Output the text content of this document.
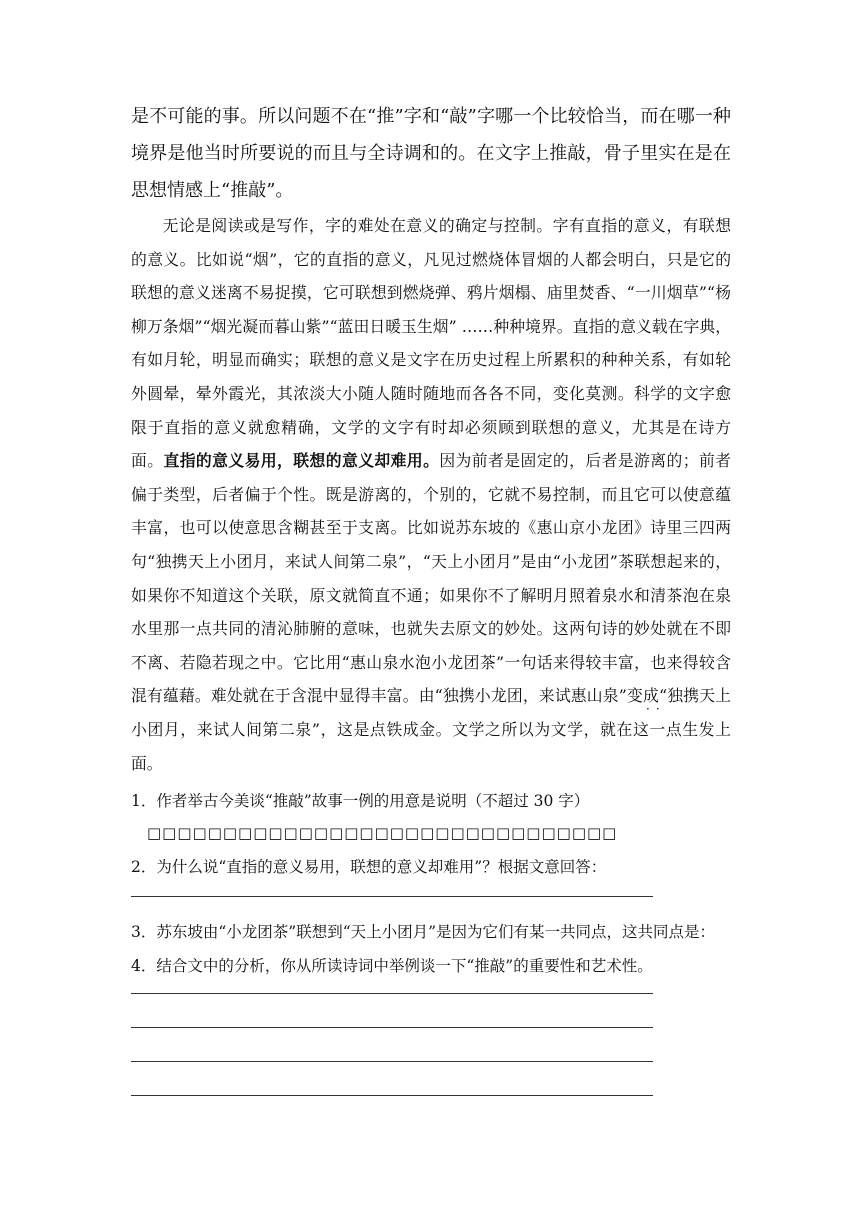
是不可能的事。所以问题不在“推”字和“敲”字哪一个比较恰当，而在哪一种境界是他当时所要说的而且与全诗调和的。在文字上推敲，骨子里实在是在思想情感上“推敲”。

无论是阅读或是写作，字的难处在意义的确定与控制。字有直指的意义，有联想的意义。比如说“烟”，它的直指的意义，凡见过燃烧体冒烟的人都会明白，只是它的联想的意义迷离不易捉摸，它可联想到燃烧弹、鸦片烟榻、庙里焚香、“一川烟草”“杨柳万条烟”“烟光凝而暮山紫”“蓝田日暖玉生烟” ……种种境界。直指的意义载在字典，有如月轮，明显而确实；联想的意义是文字在历史过程上所累积的种种关系，有如轮外圆晕，晕外霞光，其浓淡大小随人随时随地而各各不同，变化莫测。科学的文字愈限于直指的意义就愈精确，文学的文字有时却必须顾到联想的意义，尤其是在诗方面。直指的意义易用，联想的意义却难用。因为前者是固定的，后者是游离的；前者偏于类型，后者偏于个性。既是游离的，个别的，它就不易控制，而且它可以使意蕴丰富，也可以使意思含糊甚至于支离。比如说苏东坡的《惠山京小龙团》诗里三四两句“独携天上小团月，来试人间第二泉”，“天上小团月”是由“小龙团”茶联想起来的，如果你不知道这个关联，原文就简直不通；如果你不了解明月照着泉水和清茶泡在泉水里那一点共同的清沁肺腑的意味，也就失去原文的妙处。这两句诗的妙处就在不即不离、若隐若现之中。它比用“惠山泉水泡小龙团茶”一句话来得较丰富，也来得较含混有蕴藉。难处就在于含混中显得丰富。由“独携小龙团，来试惠山泉”变成“独携天上小团月，来试人间第二泉”，这是点铁成金。文学之所以为文学，就在这一点生发上面。

1．作者举古今美谈“推敲”故事一例的用意是说明（不超过 30 字）

□□□□□□□□□□□□□□□□□□□□□□□□□□□□□□□

2．为什么说“直指的意义易用，联想的意义却难用”？根据文意回答：

3．苏东坡由“小龙团茶”联想到“天上小团月”是因为它们有某一共同点，这共同点是：

4．结合文中的分析，你从所读诗词中举例谈一下“推敲”的重要性和艺术性。

··
